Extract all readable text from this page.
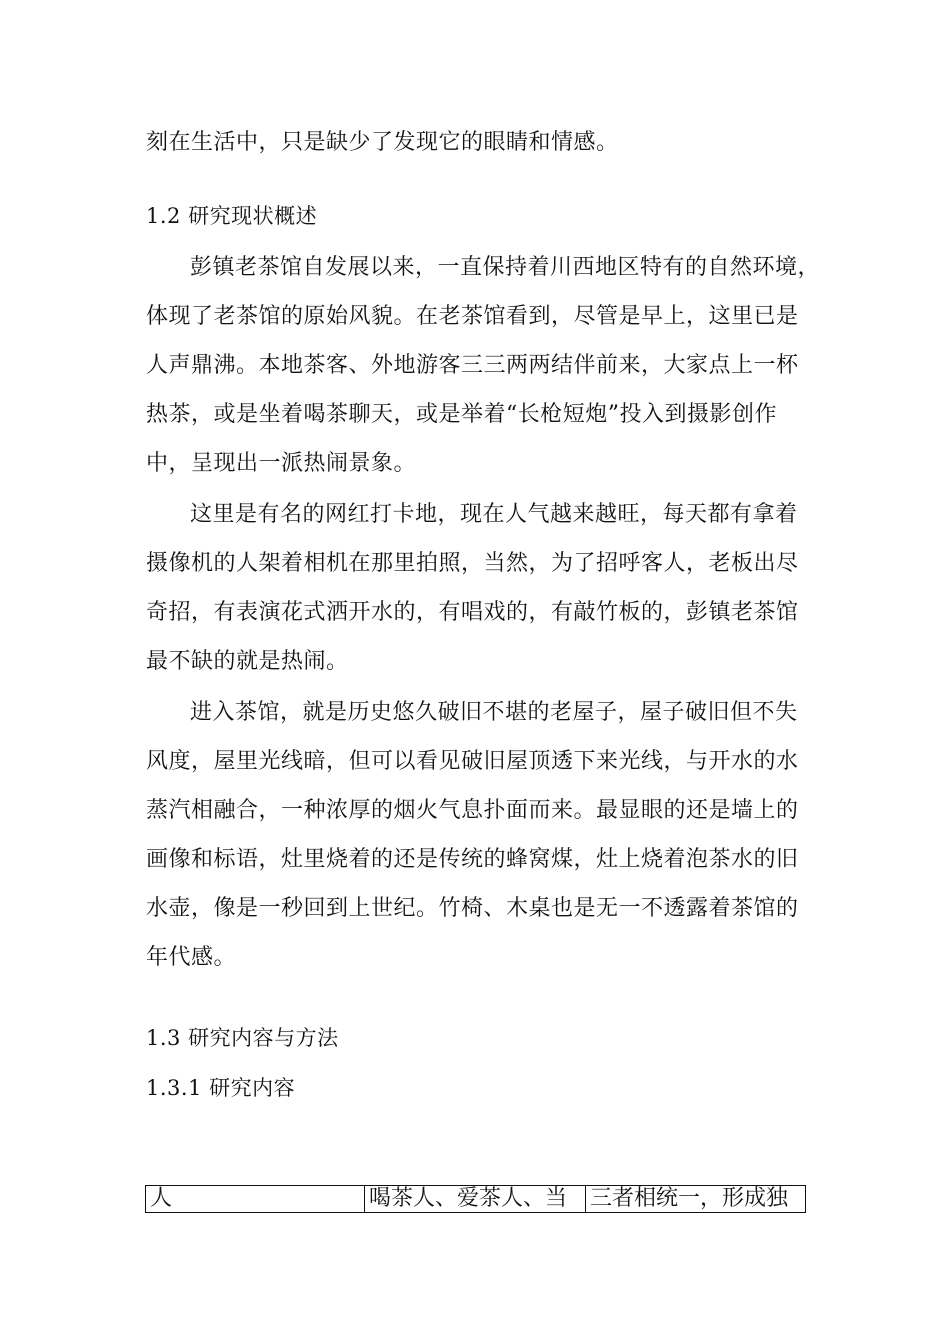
刻在生活中，只是缺少了发现它的眼睛和情感。
1.2 研究现状概述
彭镇老茶馆自发展以来，一直保持着川西地区特有的自然环境，
体现了老茶馆的原始风貌。在老茶馆看到，尽管是早上，这里已是
人声鼎沸。本地茶客、外地游客三三两两结伴前来，大家点上一杯
热茶，或是坐着喝茶聊天，或是举着“长枪短炮”投入到摄影创作
中，呈现出一派热闹景象。
这里是有名的网红打卡地，现在人气越来越旺，每天都有拿着
摄像机的人架着相机在那里拍照，当然，为了招呼客人，老板出尽
奇招，有表演花式洒开水的，有唱戏的，有敲竹板的，彭镇老茶馆
最不缺的就是热闹。
进入茶馆，就是历史悠久破旧不堪的老屋子，屋子破旧但不失
风度，屋里光线暗，但可以看见破旧屋顶透下来光线，与开水的水
蒸汽相融合，一种浓厚的烟火气息扑面而来。最显眼的还是墙上的
画像和标语，灶里烧着的还是传统的蜂窝煤，灶上烧着泡茶水的旧
水壶，像是一秒回到上世纪。竹椅、木桌也是无一不透露着茶馆的
年代感。
1.3 研究内容与方法
1.3.1 研究内容
人	喝茶人、爱茶人、当	三者相统一，形成独
